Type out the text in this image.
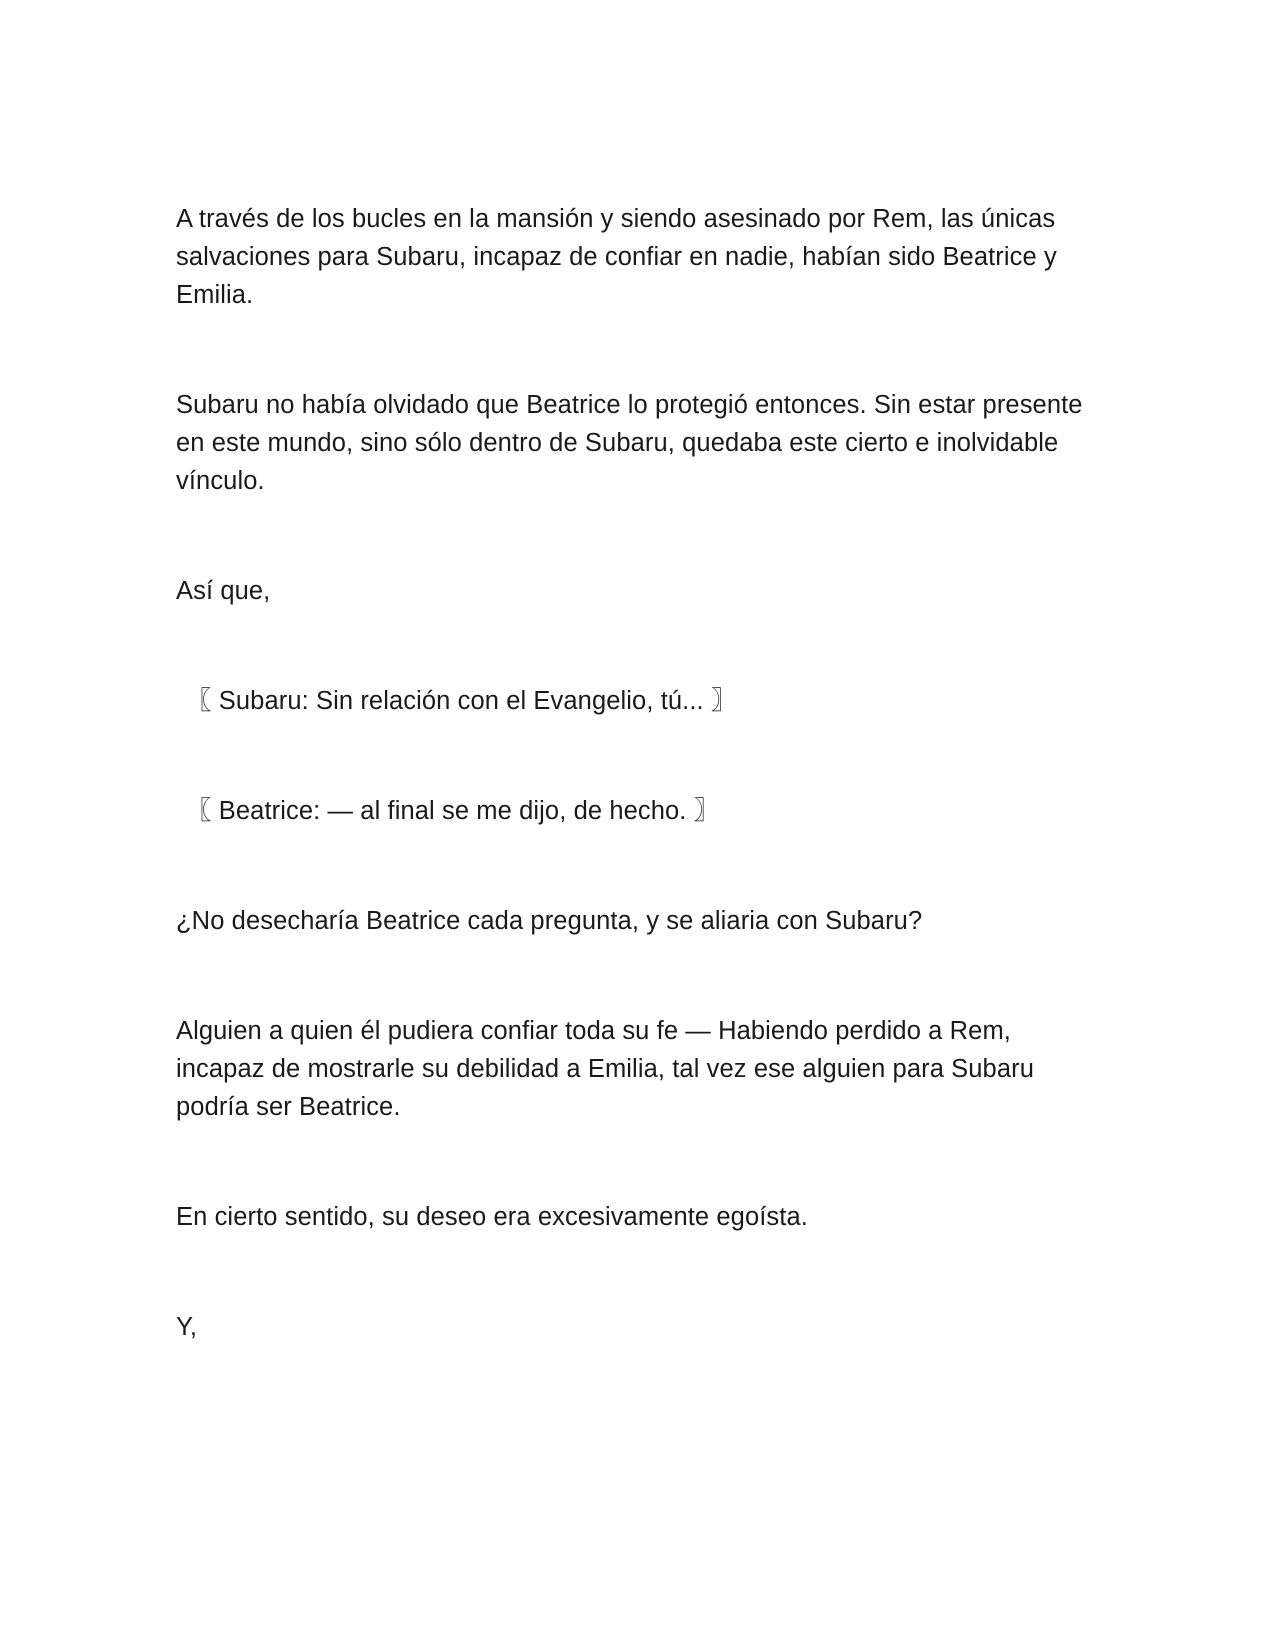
A través de los bucles en la mansión y siendo asesinado por Rem, las únicas salvaciones para Subaru, incapaz de confiar en nadie, habían sido Beatrice y Emilia.

Subaru no había olvidado que Beatrice lo protegió entonces. Sin estar presente en este mundo, sino sólo dentro de Subaru, quedaba este cierto e inolvidable vínculo.

Así que,

〖 Subaru: Sin relación con el Evangelio, tú... 〗

〖 Beatrice: — al final se me dijo, de hecho. 〗

¿No desecharía Beatrice cada pregunta, y se aliaria con Subaru?

Alguien a quien él pudiera confiar toda su fe — Habiendo perdido a Rem, incapaz de mostrarle su debilidad a Emilia, tal vez ese alguien para Subaru podría ser Beatrice.

En cierto sentido, su deseo era excesivamente egoísta.

Y,
